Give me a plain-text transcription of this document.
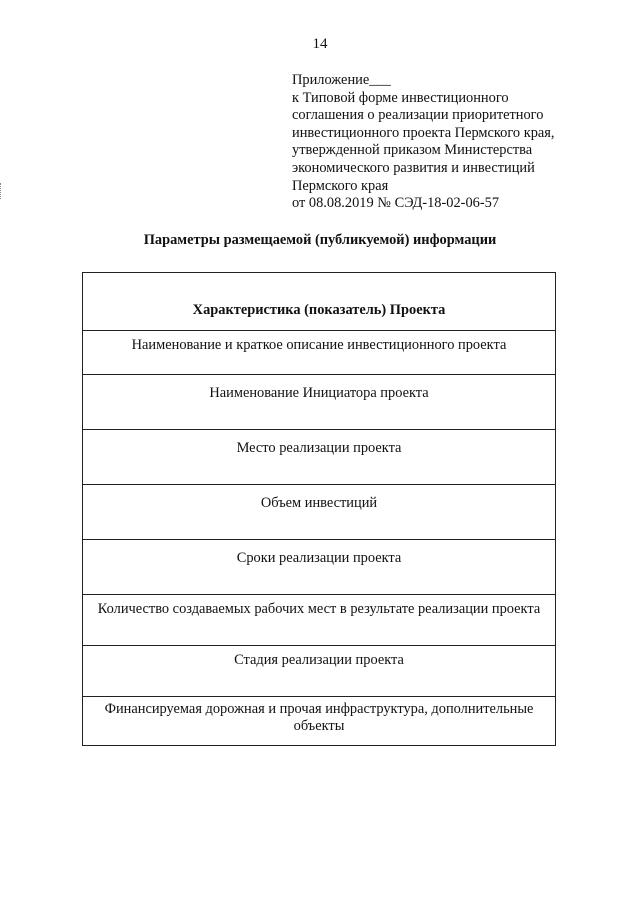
14
Приложение___
к Типовой форме инвестиционного
соглашения о реализации приоритетного
инвестиционного проекта Пермского края,
утвержденной приказом Министерства
экономического развития и инвестиций
Пермского края
от 08.08.2019 № СЭД-18-02-06-57
Параметры размещаемой (публикуемой) информации
Характеристика (показатель) Проекта
Наименование и краткое описание инвестиционного проекта
Наименование Инициатора проекта
Место реализации проекта
Объем инвестиций
Сроки реализации проекта
Количество создаваемых рабочих мест в результате реализации проекта
Стадия реализации проекта
Финансируемая дорожная и прочая инфраструктура, дополнительные объекты
